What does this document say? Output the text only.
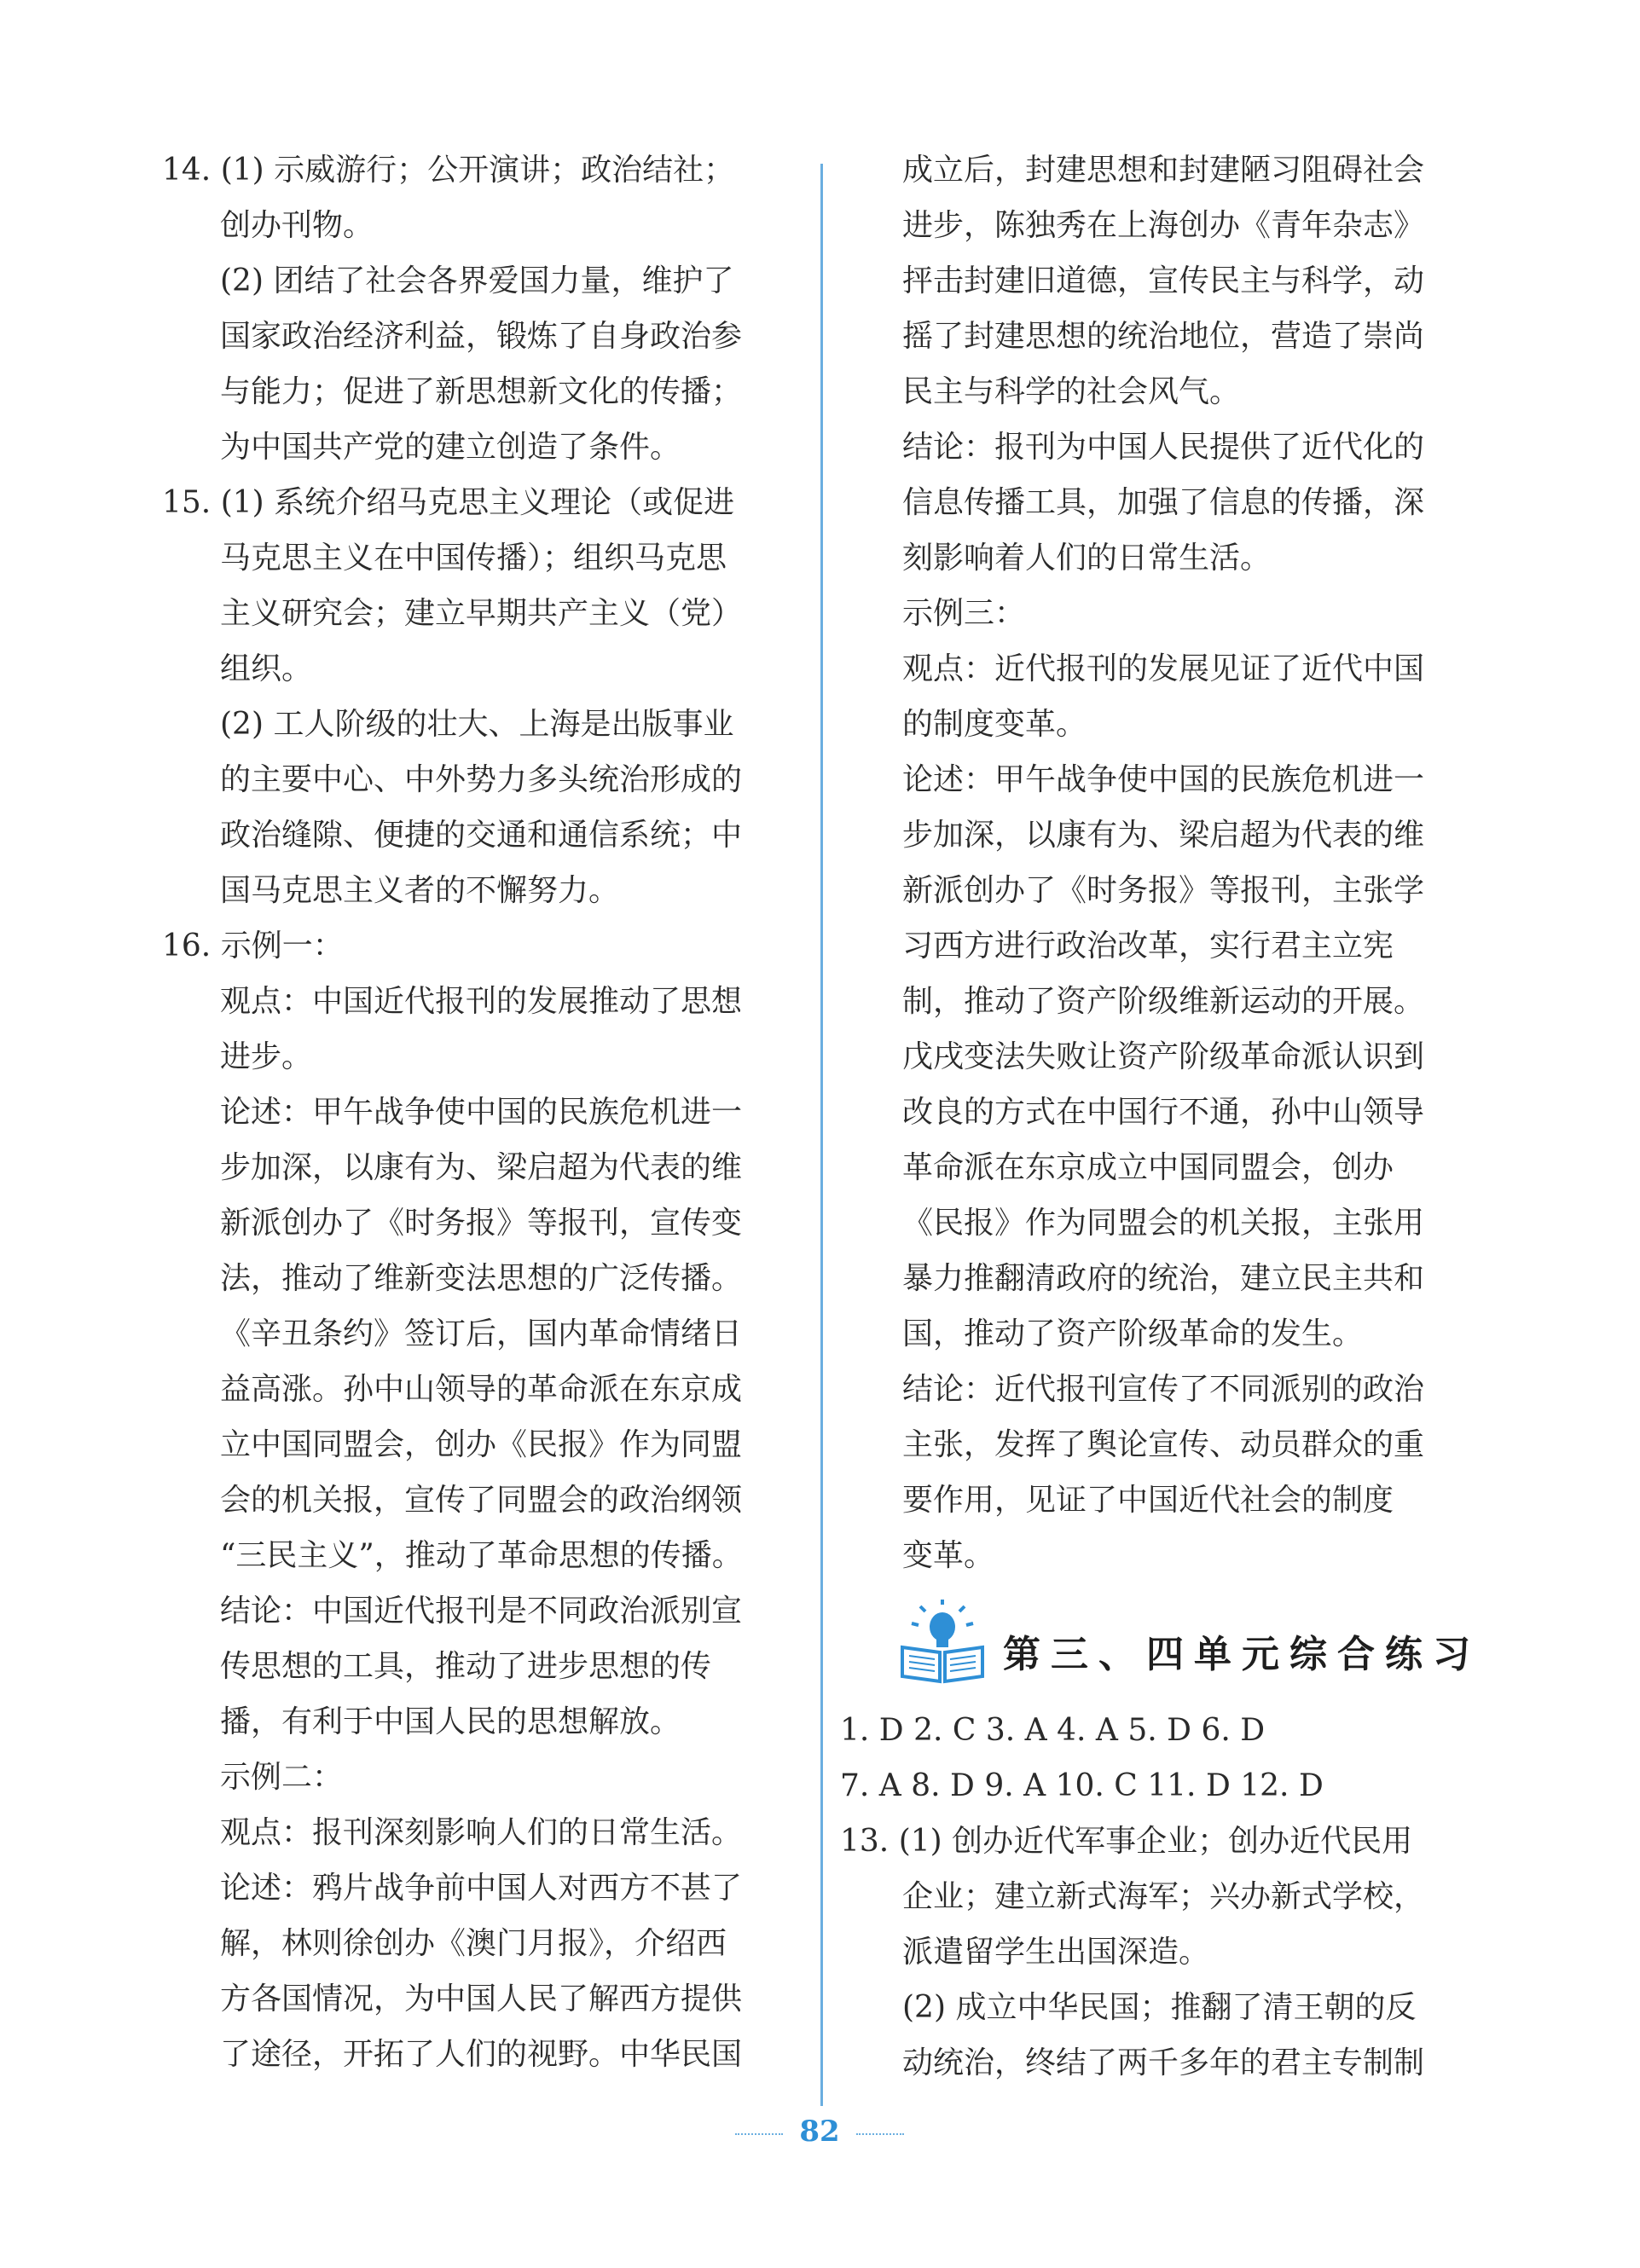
14. (1) 示威游行；公开演讲；政治结社；
创办刊物。
(2) 团结了社会各界爱国力量，维护了
国家政治经济利益，锻炼了自身政治参
与能力；促进了新思想新文化的传播；
为中国共产党的建立创造了条件。
15. (1) 系统介绍马克思主义理论（或促进
马克思主义在中国传播）；组织马克思
主义研究会；建立早期共产主义（党）
组织。
(2) 工人阶级的壮大、上海是出版事业
的主要中心、中外势力多头统治形成的
政治缝隙、便捷的交通和通信系统；中
国马克思主义者的不懈努力。
16. 示例一：
观点：中国近代报刊的发展推动了思想
进步。
论述：甲午战争使中国的民族危机进一
步加深，以康有为、梁启超为代表的维
新派创办了《时务报》等报刊，宣传变
法，推动了维新变法思想的广泛传播。
《辛丑条约》签订后，国内革命情绪日
益高涨。孙中山领导的革命派在东京成
立中国同盟会，创办《民报》作为同盟
会的机关报，宣传了同盟会的政治纲领
“三民主义”，推动了革命思想的传播。
结论：中国近代报刊是不同政治派别宣
传思想的工具，推动了进步思想的传
播，有利于中国人民的思想解放。
示例二：
观点：报刊深刻影响人们的日常生活。
论述：鸦片战争前中国人对西方不甚了
解，林则徐创办《澳门月报》，介绍西
方各国情况，为中国人民了解西方提供
了途径，开拓了人们的视野。中华民国
成立后，封建思想和封建陋习阻碍社会
进步，陈独秀在上海创办《青年杂志》
抨击封建旧道德，宣传民主与科学，动
摇了封建思想的统治地位，营造了崇尚
民主与科学的社会风气。
结论：报刊为中国人民提供了近代化的
信息传播工具，加强了信息的传播，深
刻影响着人们的日常生活。
示例三：
观点：近代报刊的发展见证了近代中国
的制度变革。
论述：甲午战争使中国的民族危机进一
步加深，以康有为、梁启超为代表的维
新派创办了《时务报》等报刊，主张学
习西方进行政治改革，实行君主立宪
制，推动了资产阶级维新运动的开展。
戊戌变法失败让资产阶级革命派认识到
改良的方式在中国行不通，孙中山领导
革命派在东京成立中国同盟会，创办
《民报》作为同盟会的机关报，主张用
暴力推翻清政府的统治，建立民主共和
国，推动了资产阶级革命的发生。
结论：近代报刊宣传了不同派别的政治
主张，发挥了舆论宣传、动员群众的重
要作用，见证了中国近代社会的制度
变革。
第三、四单元综合练习
1. D 2. C 3. A 4. A 5. D 6. D
7. A 8. D 9. A 10. C 11. D 12. D
13. (1) 创办近代军事企业；创办近代民用
企业；建立新式海军；兴办新式学校，
派遣留学生出国深造。
(2) 成立中华民国；推翻了清王朝的反
动统治，终结了两千多年的君主专制制
82
